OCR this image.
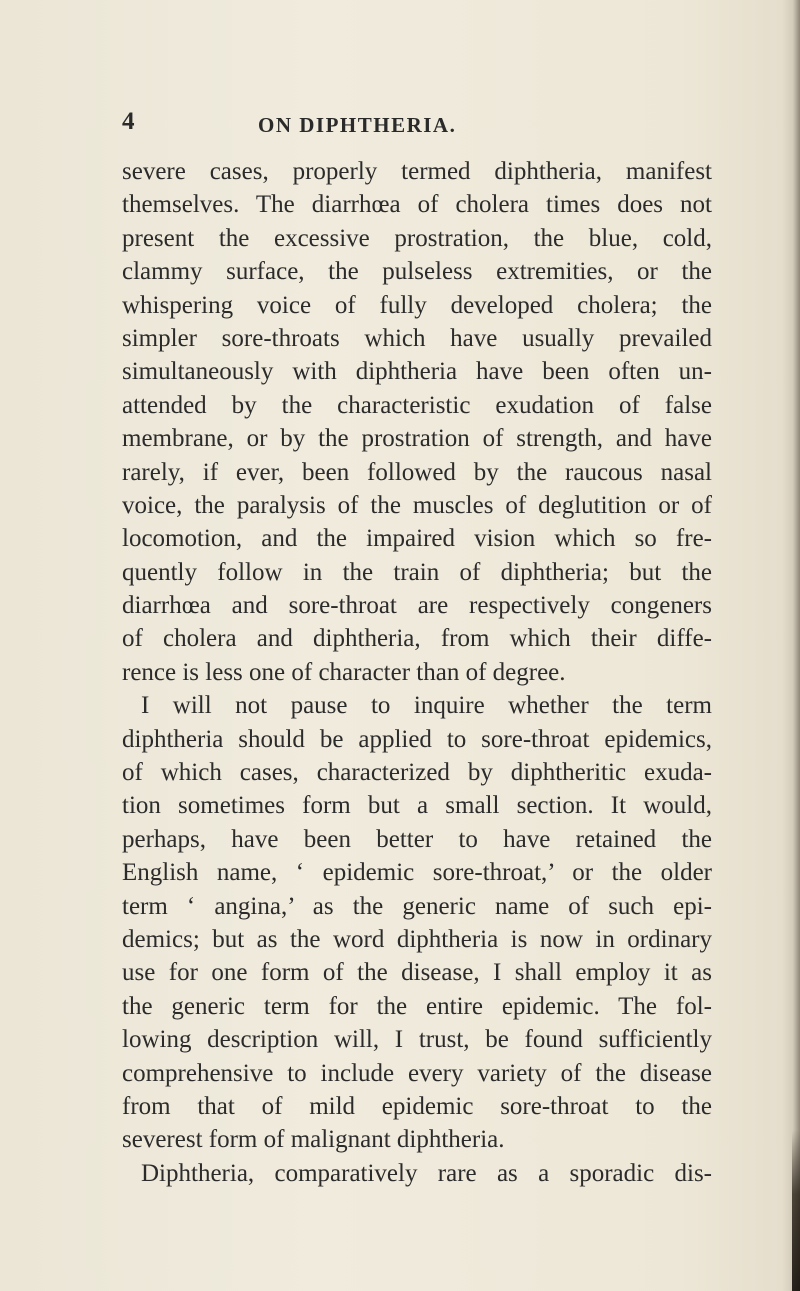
4	ON DIPHTHERIA.

severe cases, properly termed diphtheria, manifest
themselves. The diarrhœa of cholera times does not
present the excessive prostration, the blue, cold,
clammy surface, the pulseless extremities, or the
whispering voice of fully developed cholera; the
simpler sore-throats which have usually prevailed
simultaneously with diphtheria have been often un-
attended by the characteristic exudation of false
membrane, or by the prostration of strength, and have
rarely, if ever, been followed by the raucous nasal
voice, the paralysis of the muscles of deglutition or of
locomotion, and the impaired vision which so fre-
quently follow in the train of diphtheria; but the
diarrhœa and sore-throat are respectively congeners
of cholera and diphtheria, from which their diffe-
rence is less one of character than of degree.
I will not pause to inquire whether the term
diphtheria should be applied to sore-throat epidemics,
of which cases, characterized by diphtheritic exuda-
tion sometimes form but a small section. It would,
perhaps, have been better to have retained the
English name, ‘ epidemic sore-throat,’ or the older
term ‘ angina,’ as the generic name of such epi-
demics; but as the word diphtheria is now in ordinary
use for one form of the disease, I shall employ it as
the generic term for the entire epidemic. The fol-
lowing description will, I trust, be found sufficiently
comprehensive to include every variety of the disease
from that of mild epidemic sore-throat to the
severest form of malignant diphtheria.
Diphtheria, comparatively rare as a sporadic dis-
